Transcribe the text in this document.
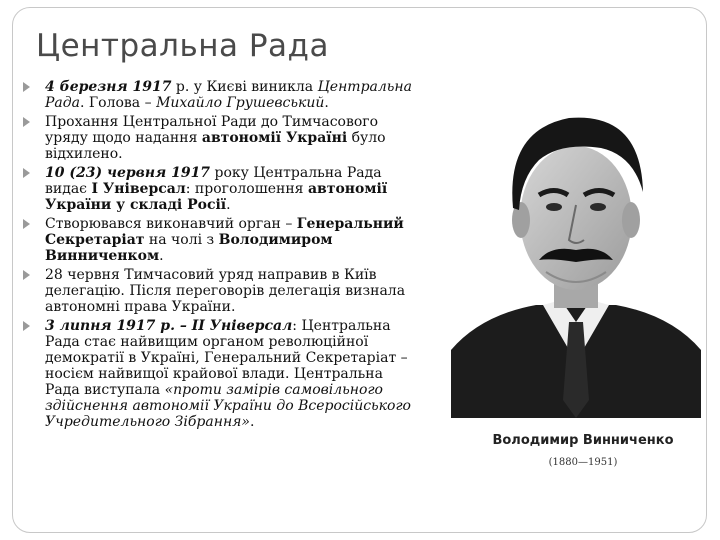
Центральна Рада
4 березня 1917 р. у Києві виникла Центральна Рада. Голова – Михайло Грушевський.
Прохання Центральної Ради до Тимчасового уряду щодо надання автономії Україні було відхилено.
10 (23) червня 1917 року Центральна Рада видає І Універсал: проголошення автономії України у складі Росії.
Створювався виконавчий орган – Генеральний Секретаріат на чолі з Володимиром Винниченком.
28 червня Тимчасовий уряд направив в Київ делегацію. Після переговорів делегація визнала автономні права України.
3 липня 1917 р. – ІІ Універсал: Центральна Рада стає найвищим органом революційної демократії в Україні, Генеральний Секретаріат – носієм найвищої крайової влади. Центральна Рада виступала «проти замірів самовільного здійснення автономії України до Всеросійського Учредительного Зібрання».
Володимир Винниченко
(1880—1951)
